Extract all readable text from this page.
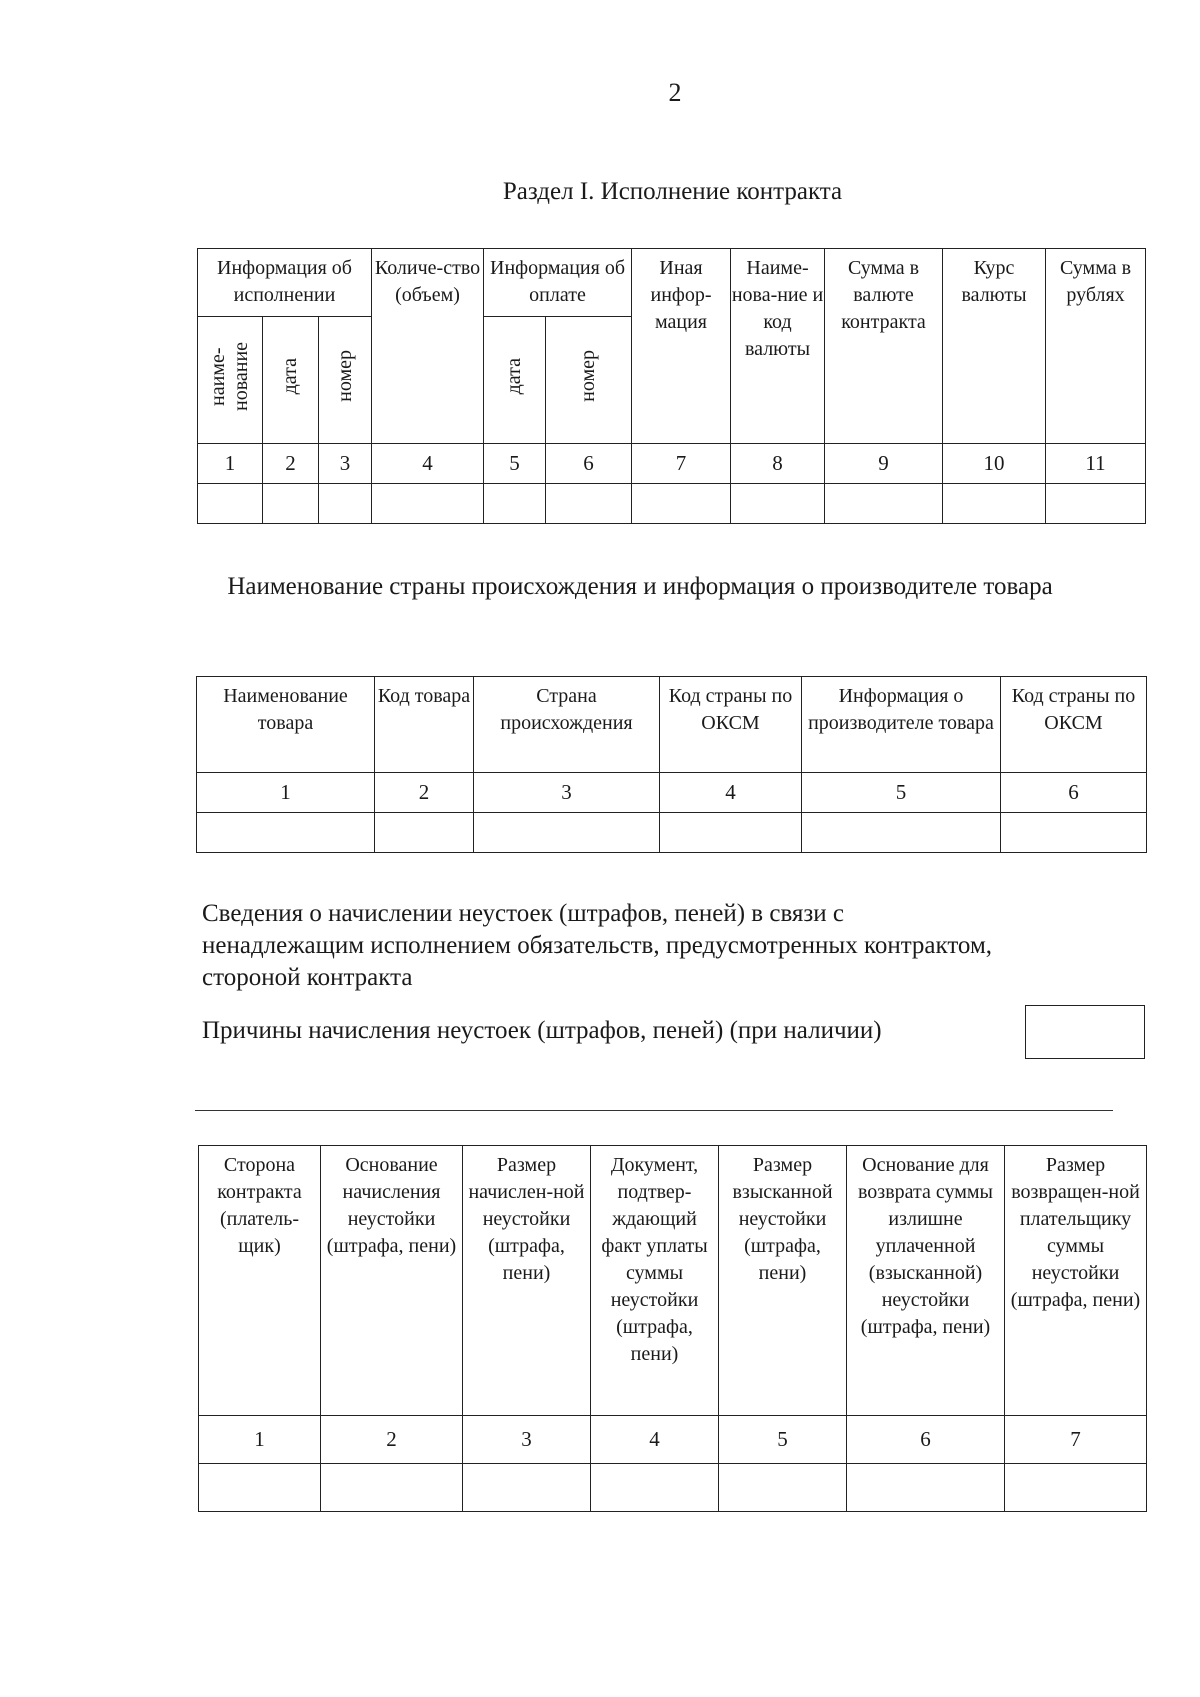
2
Раздел I. Исполнение контракта
Информация об исполнении			Количе-ство (объем)	Информация об оплате		Иная инфор-мация	Наиме-нова-ние и код валюты	Сумма в валюте контракта	Курс валюты	Сумма в рублях
наиме-нование	дата	номер		дата	номер					
1	2	3	4	5	6	7	8	9	10	11

Наименование страны происхождения и информация о производителе товара
Наименование товара	Код товара	Страна происхождения	Код страны по ОКСМ	Информация о производителе товара	Код страны по ОКСМ
1	2	3	4	5	6

Сведения о начислении неустоек (штрафов, пеней) в связи с ненадлежащим исполнением обязательств, предусмотренных контрактом, стороной контракта
Причины начисления неустоек (штрафов, пеней) (при наличии)
Сторона контракта (платель-щик)	Основание начисления неустойки (штрафа, пени)	Размер начислен-ной неустойки (штрафа, пени)	Документ, подтвер-ждающий факт уплаты суммы неустойки (штрафа, пени)	Размер взысканной неустойки (штрафа, пени)	Основание для возврата суммы излишне уплаченной (взысканной) неустойки (штрафа, пени)	Размер возвращен-ной плательщику суммы неустойки (штрафа, пени)
1	2	3	4	5	6	7
